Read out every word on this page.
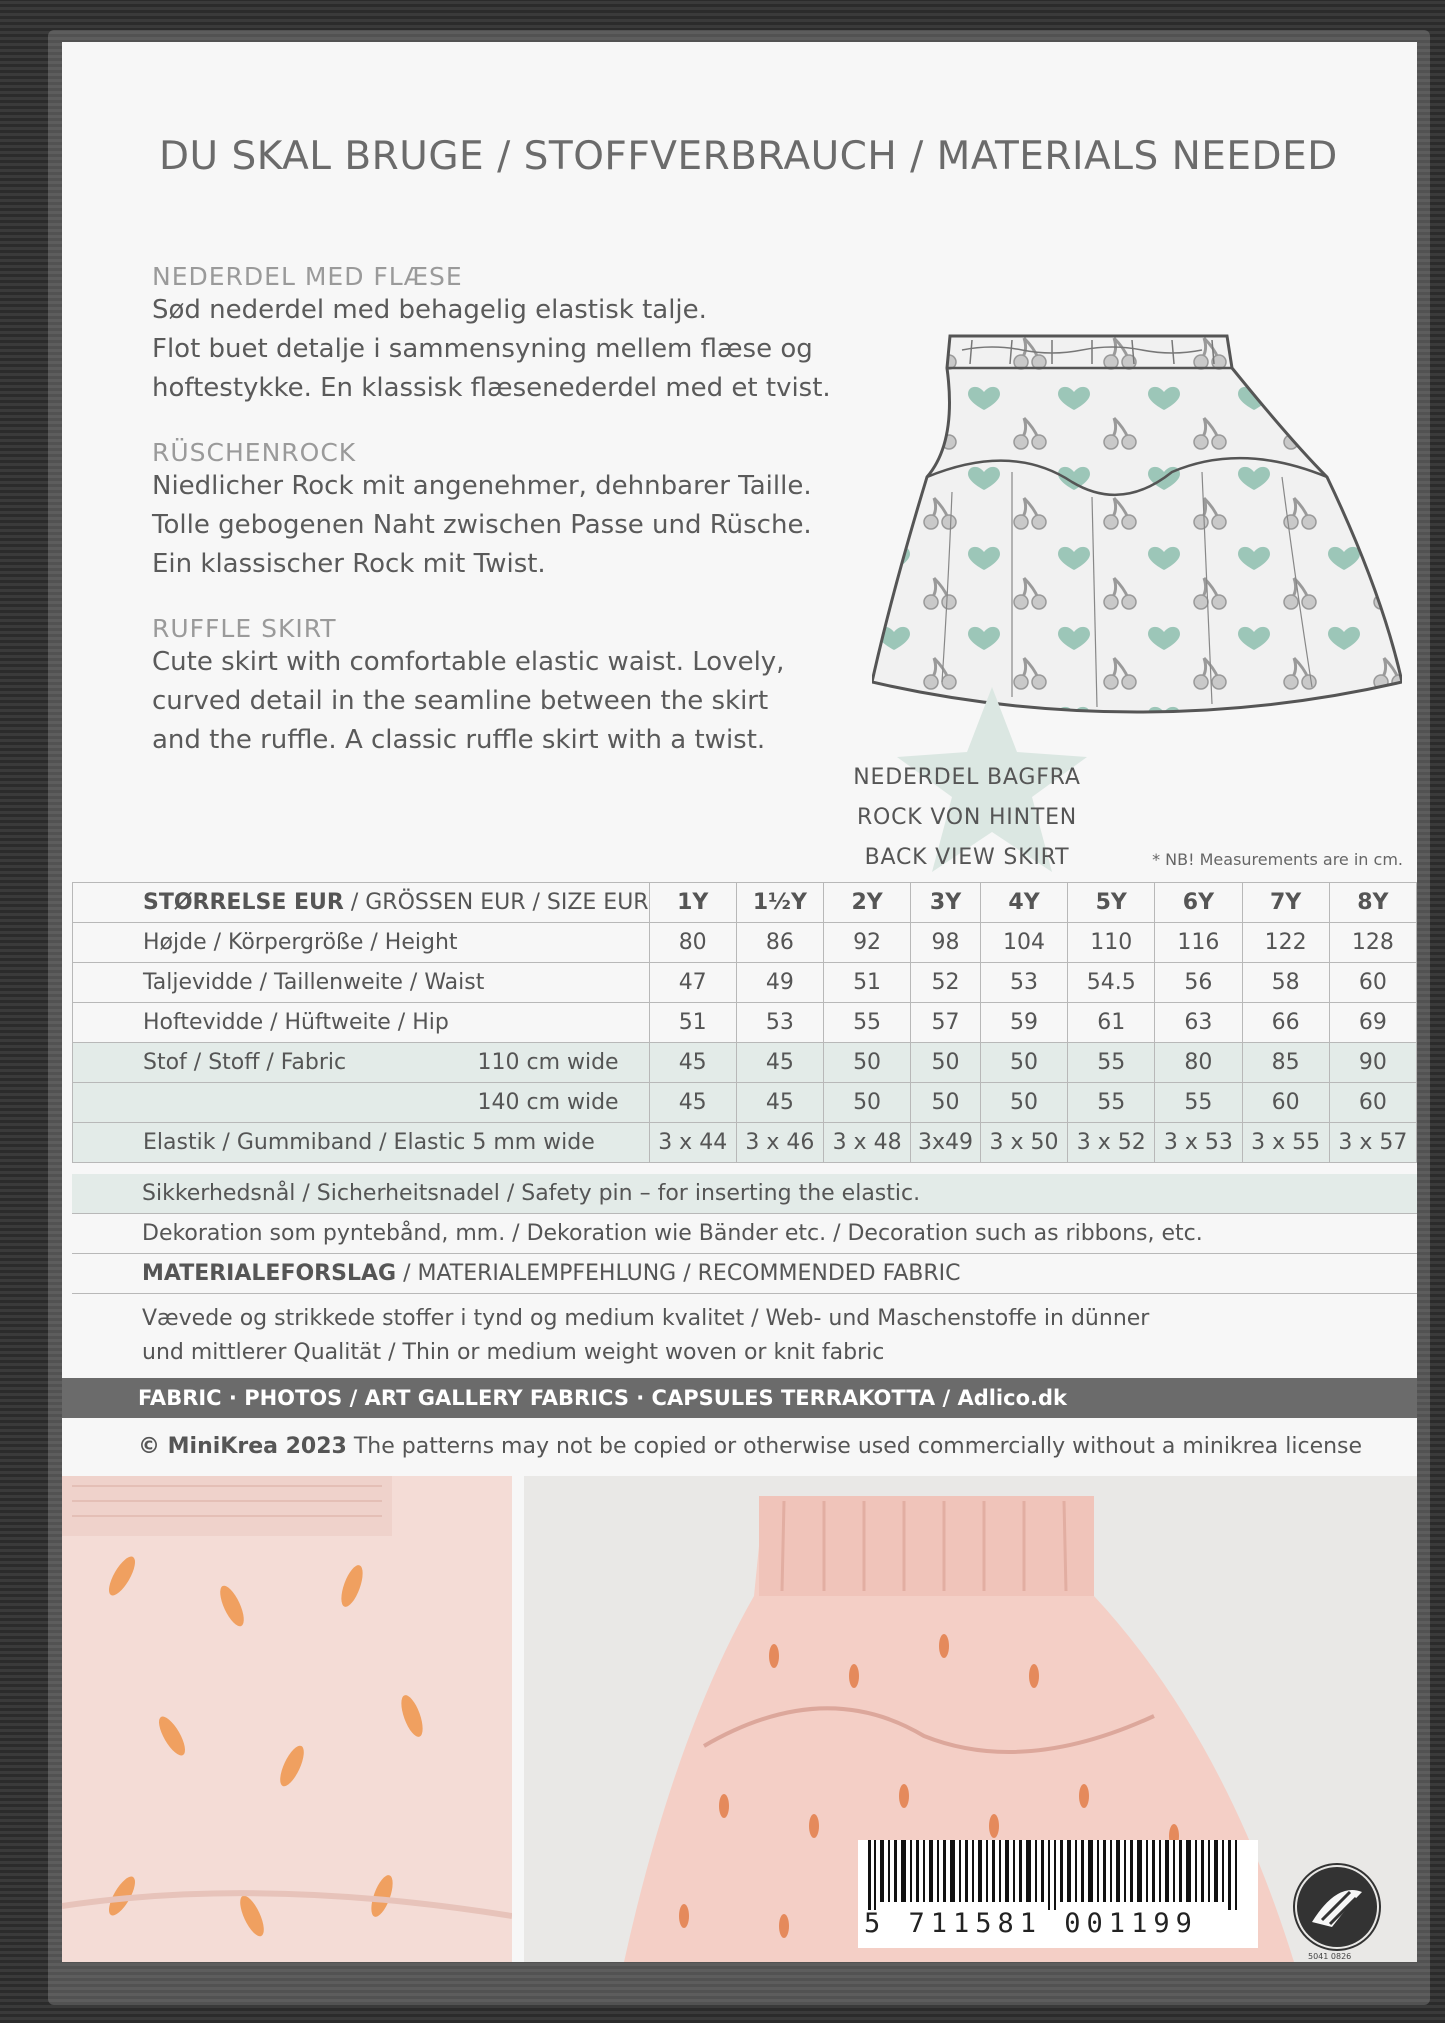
DU SKAL BRUGE / STOFFVERBRAUCH / MATERIALS NEEDED
NEDERDEL MED FLÆSE
Sød nederdel med behagelig elastisk talje.
Flot buet detalje i sammensyning mellem flæse og
hoftestykke. En klassisk flæsenederdel med et tvist.
RÜSCHENROCK
Niedlicher Rock mit angenehmer, dehnbarer Taille.
Tolle gebogenen Naht zwischen Passe und Rüsche.
Ein klassischer Rock mit Twist.
RUFFLE SKIRT
Cute skirt with comfortable elastic waist. Lovely,
curved detail in the seamline between the skirt
and the ruffle. A classic ruffle skirt with a twist.
NEDERDEL BAGFRA
ROCK VON HINTEN
BACK VIEW SKIRT	* NB! Measurements are in cm.
STØRRELSE EUR / GRÖSSEN EUR / SIZE EUR		1Y	1½Y	2Y	3Y	4Y	5Y	6Y	7Y	8Y
Højde / Körpergröße / Height		80	86	92	98	104	110	116	122	128
Taljevidde / Taillenweite / Waist		47	49	51	52	53	54.5	56	58	60
Hoftevidde / Hüftweite / Hip		51	53	55	57	59	61	63	66	69
Stof / Stoff / Fabric	110 cm wide	45	45	50	50	50	55	80	85	90
	140 cm wide	45	45	50	50	50	55	55	60	60
Elastik / Gummiband / Elastic 5 mm wide		3 x 44	3 x 46	3 x 48	3x49	3 x 50	3 x 52	3 x 53	3 x 55	3 x 57
Sikkerhedsnål / Sicherheitsnadel / Safety pin – for inserting the elastic.
Dekoration som pyntebånd, mm. / Dekoration wie Bänder etc. / Decoration such as ribbons, etc.
MATERIALEFORSLAG / MATERIALEMPFEHLUNG / RECOMMENDED FABRIC
Vævede og strikkede stoffer i tynd og medium kvalitet / Web- und Maschenstoffe in dünner
und mittlerer Qualität / Thin or medium weight woven or knit fabric
FABRIC · PHOTOS / ART GALLERY FABRICS · CAPSULES TERRAKOTTA / Adlico.dk
© MiniKrea 2023 The patterns may not be copied or otherwise used commercially without a minikrea license
5 711581 001199
5041 0826
